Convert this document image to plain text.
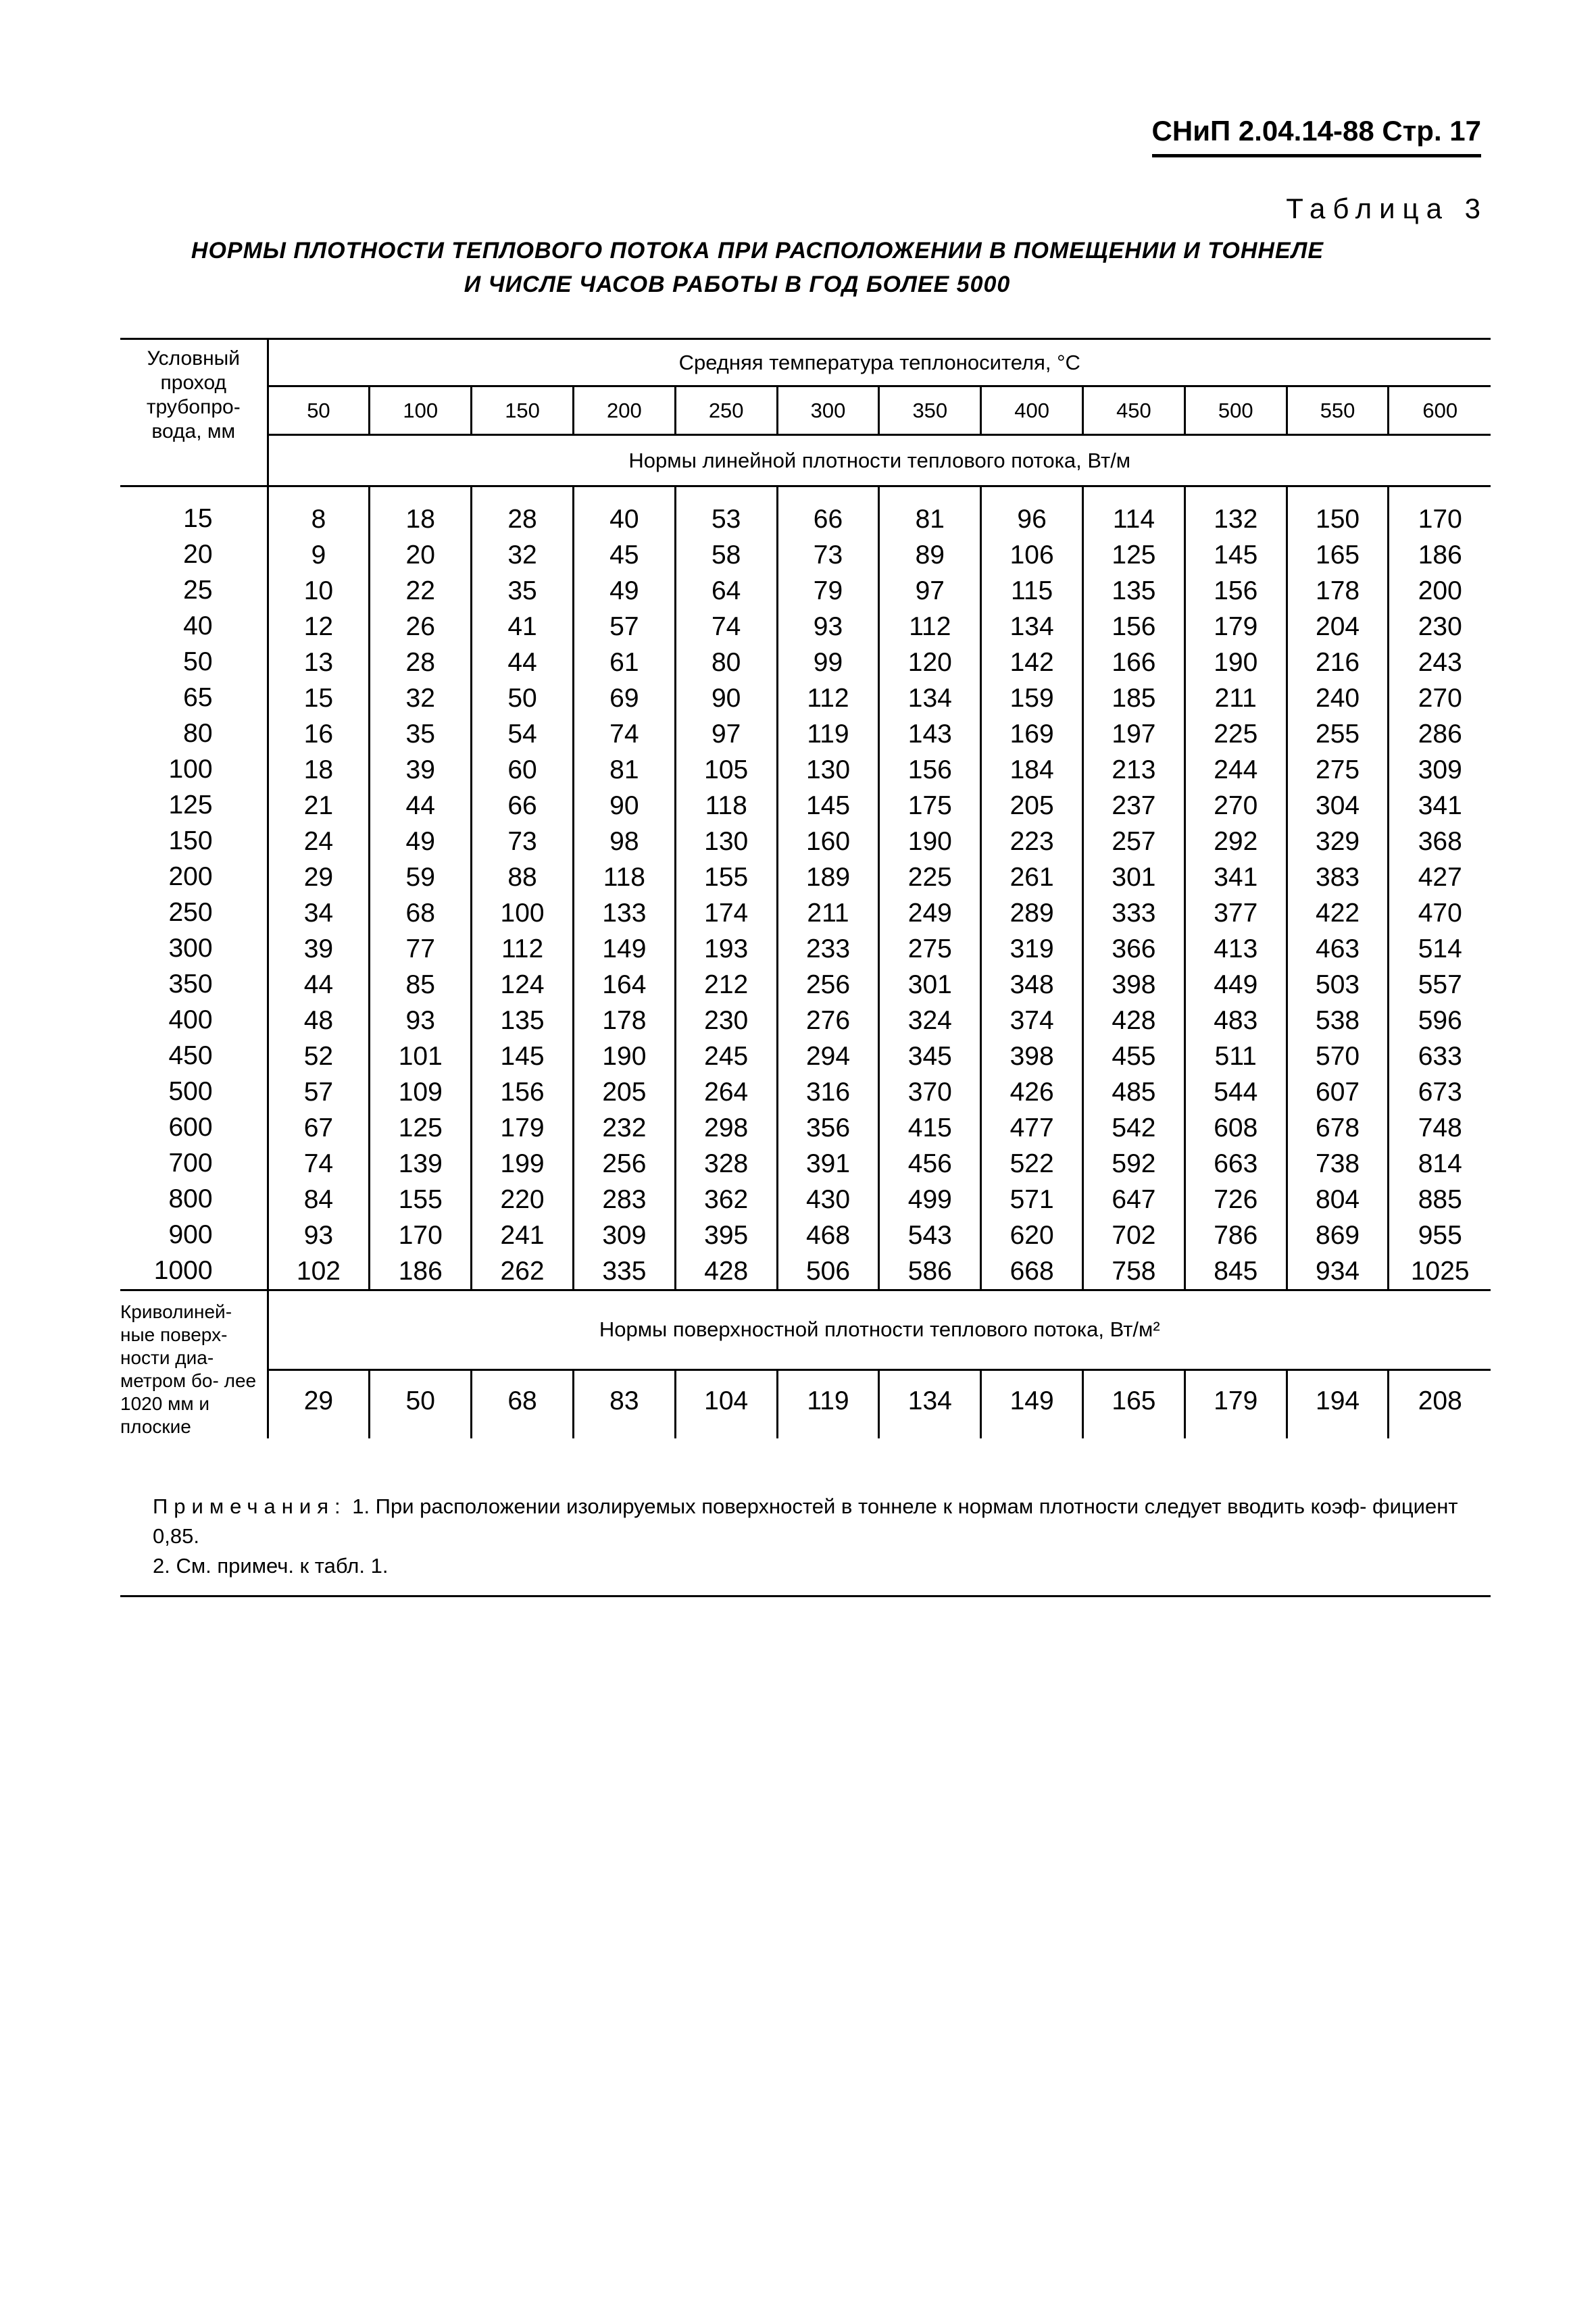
СНиП 2.04.14-88 Стр. 17
Таблица 3
НОРМЫ ПЛОТНОСТИ ТЕПЛОВОГО ПОТОКА ПРИ РАСПОЛОЖЕНИИ В ПОМЕЩЕНИИ И ТОННЕЛЕ
И ЧИСЛЕ ЧАСОВ РАБОТЫ В ГОД БОЛЕЕ 5000
Условный проход трубопро- вода, мм	Средняя температура теплоносителя, °С											
	50	100	150	200	250	300	350	400	450	500	550	600
	Нормы линейной плотности теплового потока, Вт/м											

15	8	18	28	40	53	66	81	96	114	132	150	170
20	9	20	32	45	58	73	89	106	125	145	165	186
25	10	22	35	49	64	79	97	115	135	156	178	200
40	12	26	41	57	74	93	112	134	156	179	204	230
50	13	28	44	61	80	99	120	142	166	190	216	243
65	15	32	50	69	90	112	134	159	185	211	240	270
80	16	35	54	74	97	119	143	169	197	225	255	286
100	18	39	60	81	105	130	156	184	213	244	275	309
125	21	44	66	90	118	145	175	205	237	270	304	341
150	24	49	73	98	130	160	190	223	257	292	329	368
200	29	59	88	118	155	189	225	261	301	341	383	427
250	34	68	100	133	174	211	249	289	333	377	422	470
300	39	77	112	149	193	233	275	319	366	413	463	514
350	44	85	124	164	212	256	301	348	398	449	503	557
400	48	93	135	178	230	276	324	374	428	483	538	596
450	52	101	145	190	245	294	345	398	455	511	570	633
500	57	109	156	205	264	316	370	426	485	544	607	673
600	67	125	179	232	298	356	415	477	542	608	678	748
700	74	139	199	256	328	391	456	522	592	663	738	814
800	84	155	220	283	362	430	499	571	647	726	804	885
900	93	170	241	309	395	468	543	620	702	786	869	955
1000	102	186	262	335	428	506	586	668	758	845	934	1025
Криволиней- ные поверх- ности диа- метром бо- лее 1020 мм и плоские	Нормы поверхностной плотности теплового потока, Вт/м²											
	29	50	68	83	104	119	134	149	165	179	194	208
Примечания: 1. При расположении изолируемых поверхностей в тоннеле к нормам плотности следует вводить коэф- фициент 0,85.
2. См. примеч. к табл. 1.
